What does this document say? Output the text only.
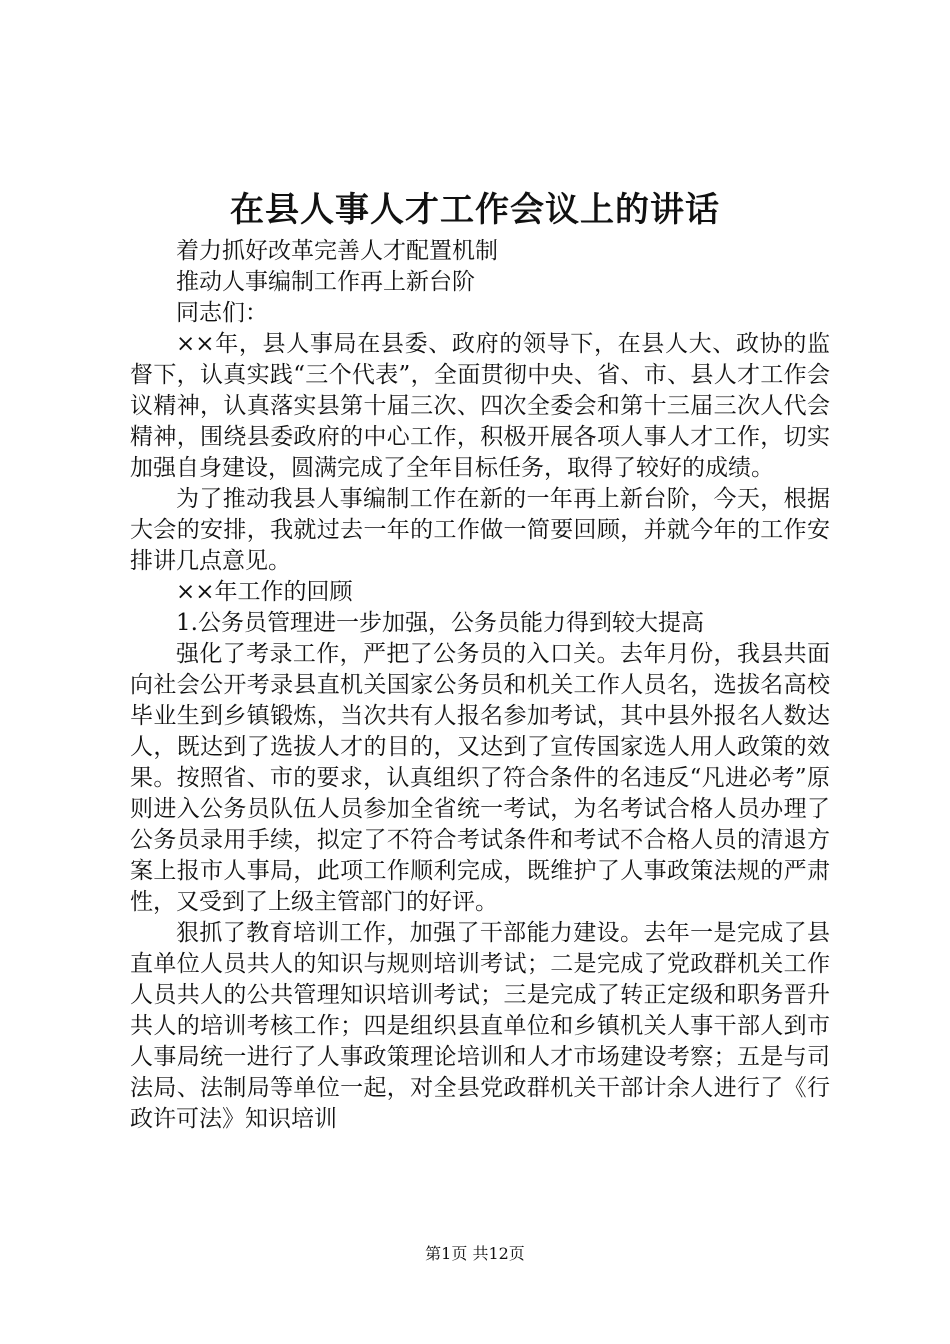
在县人事人才工作会议上的讲话

着力抓好改革完善人才配置机制

推动人事编制工作再上新台阶

同志们：

××年，县人事局在县委、政府的领导下，在县人大、政协的监督下，认真实践“三个代表”，全面贯彻中央、省、市、县人才工作会议精神，认真落实县第十届三次、四次全委会和第十三届三次人代会精神，围绕县委政府的中心工作，积极开展各项人事人才工作，切实加强自身建设，圆满完成了全年目标任务，取得了较好的成绩。

为了推动我县人事编制工作在新的一年再上新台阶，今天，根据大会的安排，我就过去一年的工作做一简要回顾，并就今年的工作安排讲几点意见。

××年工作的回顾

1.公务员管理进一步加强，公务员能力得到较大提高

强化了考录工作，严把了公务员的入口关。去年月份，我县共面向社会公开考录县直机关国家公务员和机关工作人员名，选拔名高校毕业生到乡镇锻炼，当次共有人报名参加考试，其中县外报名人数达人，既达到了选拔人才的目的，又达到了宣传国家选人用人政策的效果。按照省、市的要求，认真组织了符合条件的名违反“凡进必考”原则进入公务员队伍人员参加全省统一考试，为名考试合格人员办理了公务员录用手续，拟定了不符合考试条件和考试不合格人员的清退方案上报市人事局，此项工作顺利完成，既维护了人事政策法规的严肃性，又受到了上级主管部门的好评。

狠抓了教育培训工作，加强了干部能力建设。去年一是完成了县直单位人员共人的知识与规则培训考试；二是完成了党政群机关工作人员共人的公共管理知识培训考试；三是完成了转正定级和职务晋升共人的培训考核工作；四是组织县直单位和乡镇机关人事干部人到市人事局统一进行了人事政策理论培训和人才市场建设考察；五是与司法局、法制局等单位一起，对全县党政群机关干部计余人进行了《行政许可法》知识培训

第1页 共12页
